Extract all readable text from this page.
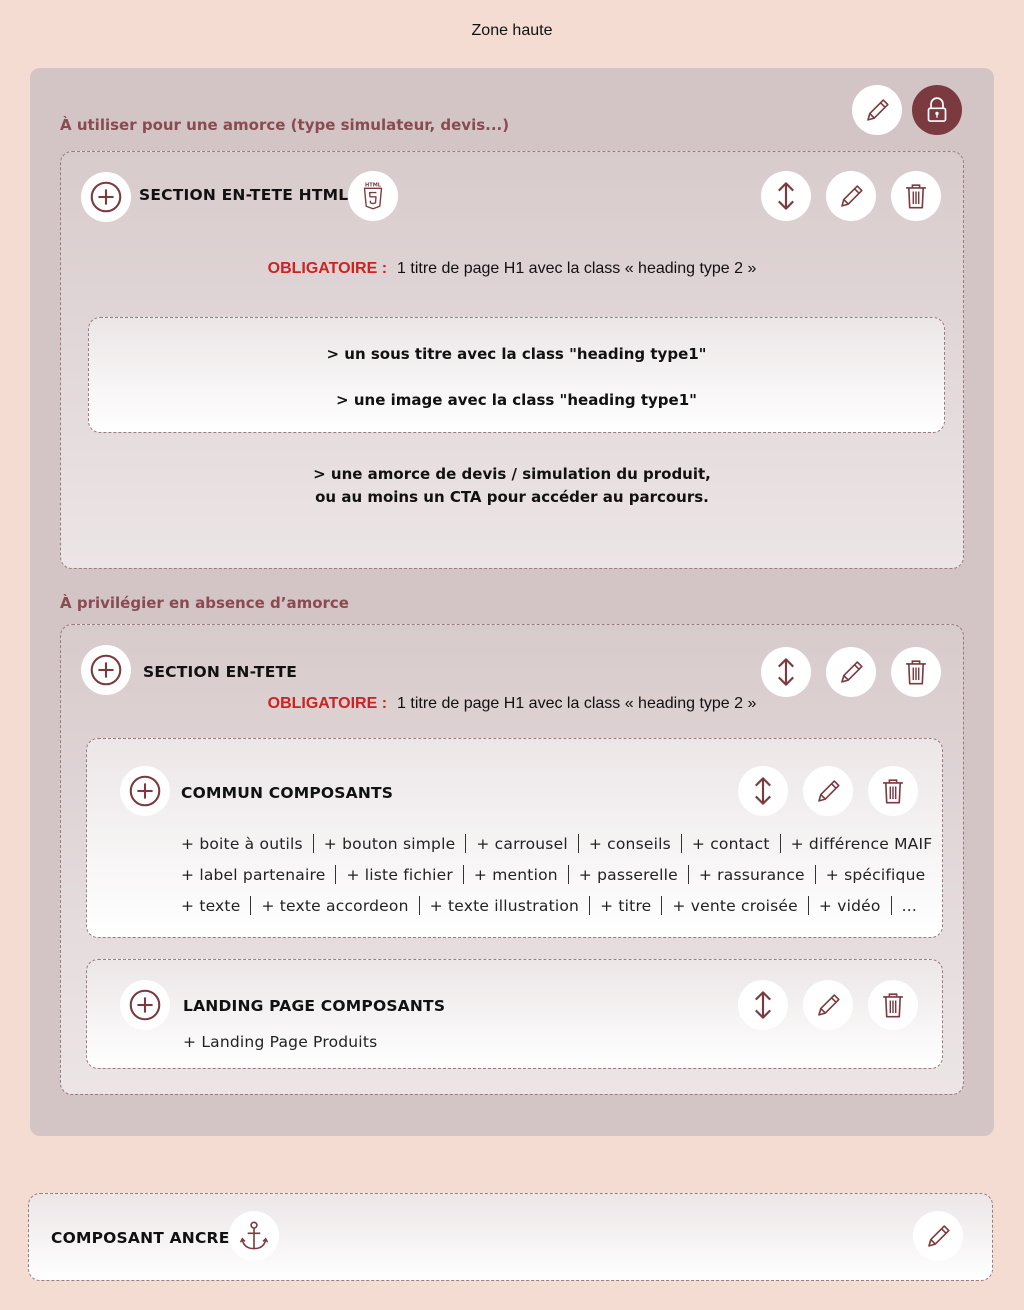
Zone haute
À utiliser pour une amorce (type simulateur, devis...)
SECTION EN-TETE HTML
HTML
OBLIGATOIRE : 1 titre de page H1 avec la class « heading type 2 »
> un sous titre avec la class "heading type1"
> une image avec la class "heading type1"
> une amorce de devis / simulation du produit,
ou au moins un CTA pour accéder au parcours.
À privilégier en absence d’amorce
SECTION EN-TETE
OBLIGATOIRE : 1 titre de page H1 avec la class « heading type 2 »
COMMUN COMPOSANTS
+ boite à outils + bouton simple + carrousel + conseils + contact + différence MAIF
+ label partenaire + liste fichier + mention + passerelle + rassurance + spécifique
+ texte + texte accordeon + texte illustration + titre + vente croisée + vidéo ...
LANDING PAGE COMPOSANTS
+ Landing Page Produits
COMPOSANT ANCRE
